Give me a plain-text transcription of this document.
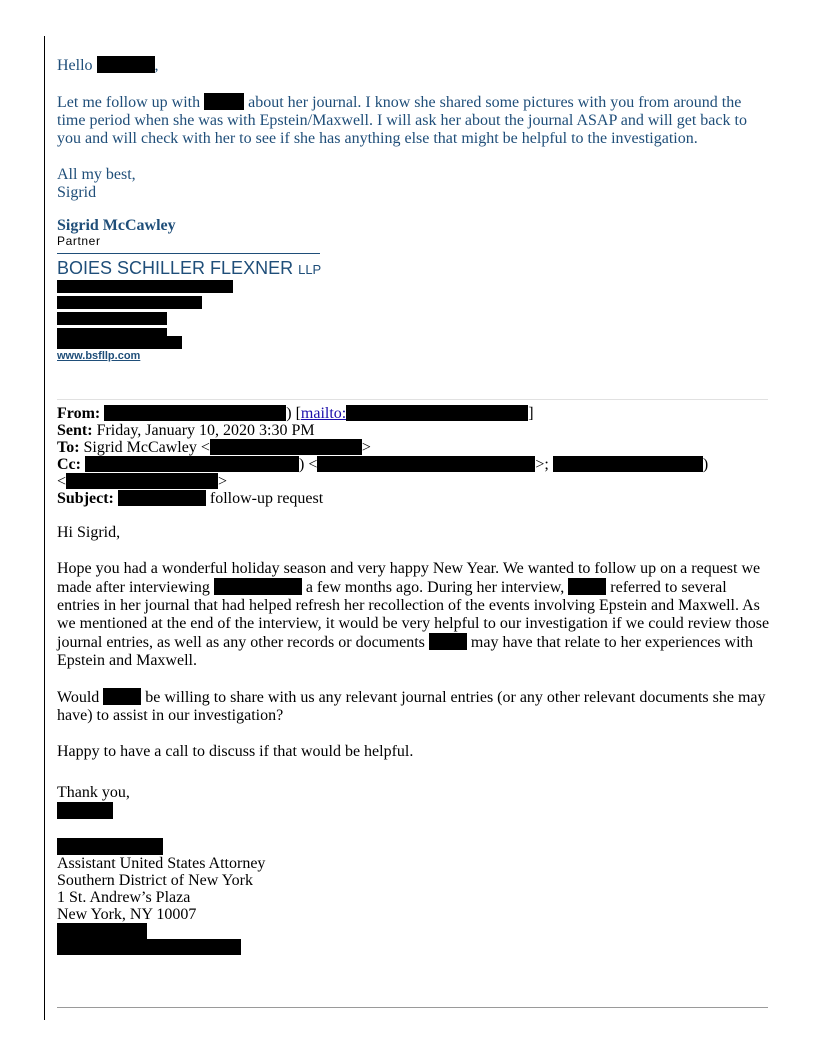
Hello	,

Let me follow up with	about her journal. I know she shared some pictures with you from around the time period when she was with Epstein/Maxwell. I will ask her about the journal ASAP and will get back to you and will check with her to see if she has anything else that might be helpful to the investigation.

All my best,

Sigrid

Sigrid McCawley
Partner
BOIES SCHILLER FLEXNER LLP
www.bsfllp.com
From:	) [mailto:	]
Sent: Friday, January 10, 2020 3:30 PM
To: Sigrid McCawley <	>
Cc:	) <	>;	)
<	>
Subject:	follow-up request

Hi Sigrid,

Hope you had a wonderful holiday season and very happy New Year. We wanted to follow up on a request we made after interviewing	a few months ago. During her interview,	referred to several entries in her journal that had helped refresh her recollection of the events involving Epstein and Maxwell. As we mentioned at the end of the interview, it would be very helpful to our investigation if we could review those journal entries, as well as any other records or documents	may have that relate to her experiences with Epstein and Maxwell.

Would	be willing to share with us any relevant journal entries (or any other relevant documents she may have) to assist in our investigation?

Happy to have a call to discuss if that would be helpful.

Thank you,
Assistant United States Attorney
Southern District of New York
1 St. Andrew’s Plaza
New York, NY 10007
